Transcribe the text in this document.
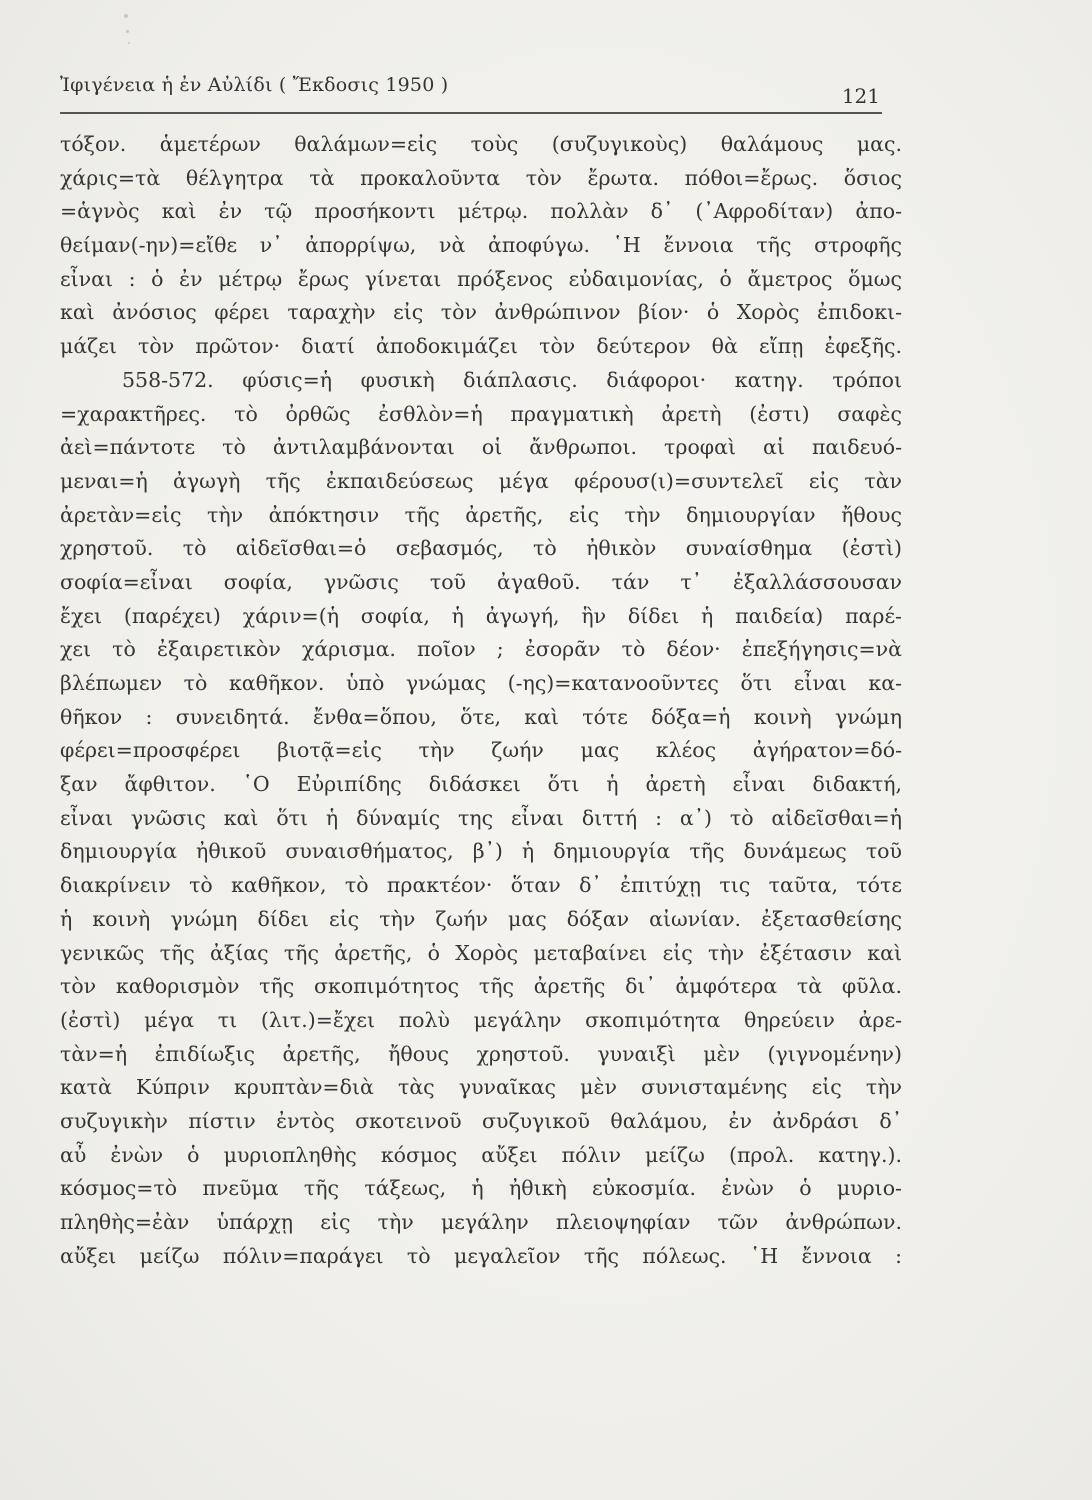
Ἰφιγένεια ἡ ἐν Αὐλίδι ( Ἔκδοσις 1950 )	121
τόξον. ἁμετέρων θαλάμων=εἰς τοὺς (συζυγικοὺς) θαλάμους μας.
χάρις=τὰ θέλγητρα τὰ προκαλοῦντα τὸν ἔρωτα. πόθοι=ἔρως. ὅσιος
=ἁγνὸς καὶ ἐν τῷ προσήκοντι μέτρῳ. πολλὰν δ᾽ (᾽Αφροδίταν) ἀπο-
θείμαν(-ην)=εἴθε ν᾽ ἀπορρίψω, νὰ ἀποφύγω. ῾Η ἔννοια τῆς στροφῆς
εἶναι : ὁ ἐν μέτρῳ ἔρως γίνεται πρόξενος εὐδαιμονίας, ὁ ἄμετρος ὅμως
καὶ ἀνόσιος φέρει ταραχὴν εἰς τὸν ἀνθρώπινον βίον· ὁ Χορὸς ἐπιδοκι-
μάζει τὸν πρῶτον· διατί ἀποδοκιμάζει τὸν δεύτερον θὰ εἴπῃ ἐφεξῆς.
558-572. φύσις=ἡ φυσικὴ διάπλασις. διάφοροι· κατηγ. τρόποι
=χαρακτῆρες. τὸ ὀρθῶς ἐσθλὸν=ἡ πραγματικὴ ἀρετὴ (ἐστι) σαφὲς
ἀεὶ=πάντοτε τὸ ἀντιλαμβάνονται οἱ ἄνθρωποι. τροφαὶ αἱ παιδευό-
μεναι=ἡ ἀγωγὴ τῆς ἐκπαιδεύσεως μέγα φέρουσ(ι)=συντελεῖ εἰς τὰν
ἀρετὰν=εἰς τὴν ἀπόκτησιν τῆς ἀρετῆς, εἰς τὴν δημιουργίαν ἤθους
χρηστοῦ. τὸ αἰδεῖσθαι=ὁ σεβασμός, τὸ ἠθικὸν συναίσθημα (ἐστὶ)
σοφία=εἶναι σοφία, γνῶσις τοῦ ἀγαθοῦ. τάν τ᾽ ἐξαλλάσσουσαν
ἔχει (παρέχει) χάριν=(ἡ σοφία, ἡ ἀγωγή, ἣν δίδει ἡ παιδεία) παρέ-
χει τὸ ἐξαιρετικὸν χάρισμα. ποῖον ; ἐσορᾶν τὸ δέον· ἐπεξήγησις=νὰ
βλέπωμεν τὸ καθῆκον. ὑπὸ γνώμας (-ης)=κατανοοῦντες ὅτι εἶναι κα-
θῆκον : συνειδητά. ἔνθα=ὅπου, ὅτε, καὶ τότε δόξα=ἡ κοινὴ γνώμη
φέρει=προσφέρει βιοτᾷ=εἰς τὴν ζωήν μας κλέος ἀγήρατον=δό-
ξαν ἄφθιτον. ῾Ο Εὐριπίδης διδάσκει ὅτι ἡ ἀρετὴ εἶναι διδακτή,
εἶναι γνῶσις καὶ ὅτι ἡ δύναμίς της εἶναι διττή : α᾽) τὸ αἰδεῖσθαι=ἡ
δημιουργία ἠθικοῦ συναισθήματος, β᾽) ἡ δημιουργία τῆς δυνάμεως τοῦ
διακρίνειν τὸ καθῆκον, τὸ πρακτέον· ὅταν δ᾽ ἐπιτύχῃ τις ταῦτα, τότε
ἡ κοινὴ γνώμη δίδει εἰς τὴν ζωήν μας δόξαν αἰωνίαν. ἐξετασθείσης
γενικῶς τῆς ἀξίας τῆς ἀρετῆς, ὁ Χορὸς μεταβαίνει εἰς τὴν ἐξέτασιν καὶ
τὸν καθορισμὸν τῆς σκοπιμότητος τῆς ἀρετῆς δι᾽ ἀμφότερα τὰ φῦλα.
(ἐστὶ) μέγα τι (λιτ.)=ἔχει πολὺ μεγάλην σκοπιμότητα θηρεύειν ἀρε-
τὰν=ἡ ἐπιδίωξις ἀρετῆς, ἤθους χρηστοῦ. γυναιξὶ μὲν (γιγνομένην)
κατὰ Κύπριν κρυπτὰν=διὰ τὰς γυναῖκας μὲν συνισταμένης εἰς τὴν
συζυγικὴν πίστιν ἐντὸς σκοτεινοῦ συζυγικοῦ θαλάμου, ἐν ἀνδράσι δ᾽
αὖ ἐνὼν ὁ μυριοπληθὴς κόσμος αὔξει πόλιν μείζω (προλ. κατηγ.).
κόσμος=τὸ πνεῦμα τῆς τάξεως, ἡ ἠθικὴ εὐκοσμία. ἐνὼν ὁ μυριο-
πληθὴς=ἐὰν ὑπάρχῃ εἰς τὴν μεγάλην πλειοψηφίαν τῶν ἀνθρώπων.
αὔξει μείζω πόλιν=παράγει τὸ μεγαλεῖον τῆς πόλεως. ῾Η ἔννοια :
